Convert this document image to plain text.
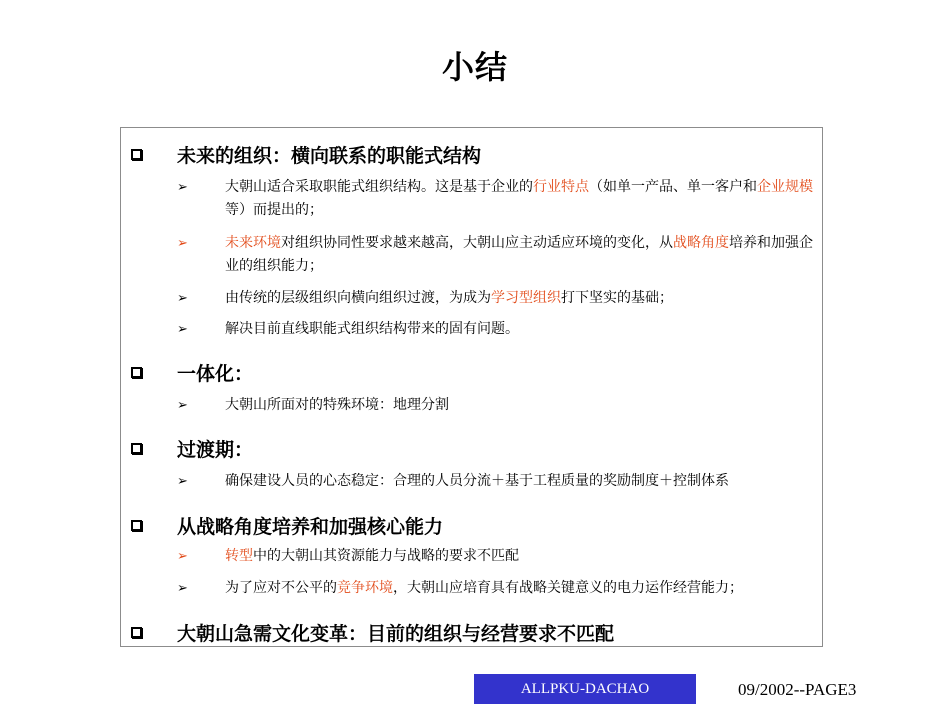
小结
未来的组织：横向联系的职能式结构
➢	大朝山适合采取职能式组织结构。这是基于企业的行业特点（如单一产品、单一客户和企业规模等）而提出的；
➢	未来环境对组织协同性要求越来越高，大朝山应主动适应环境的变化，从战略角度培养和加强企业的组织能力；
➢	由传统的层级组织向横向组织过渡，为成为学习型组织打下坚实的基础；
➢	解决目前直线职能式组织结构带来的固有问题。
一体化：
➢	大朝山所面对的特殊环境：地理分割
过渡期：
➢	确保建设人员的心态稳定：合理的人员分流＋基于工程质量的奖励制度＋控制体系
从战略角度培养和加强核心能力
➢	转型中的大朝山其资源能力与战略的要求不匹配
➢	为了应对不公平的竞争环境，大朝山应培育具有战略关键意义的电力运作经营能力；
大朝山急需文化变革：目前的组织与经营要求不匹配
ALLPKU-DACHAO	09/2002--PAGE3
